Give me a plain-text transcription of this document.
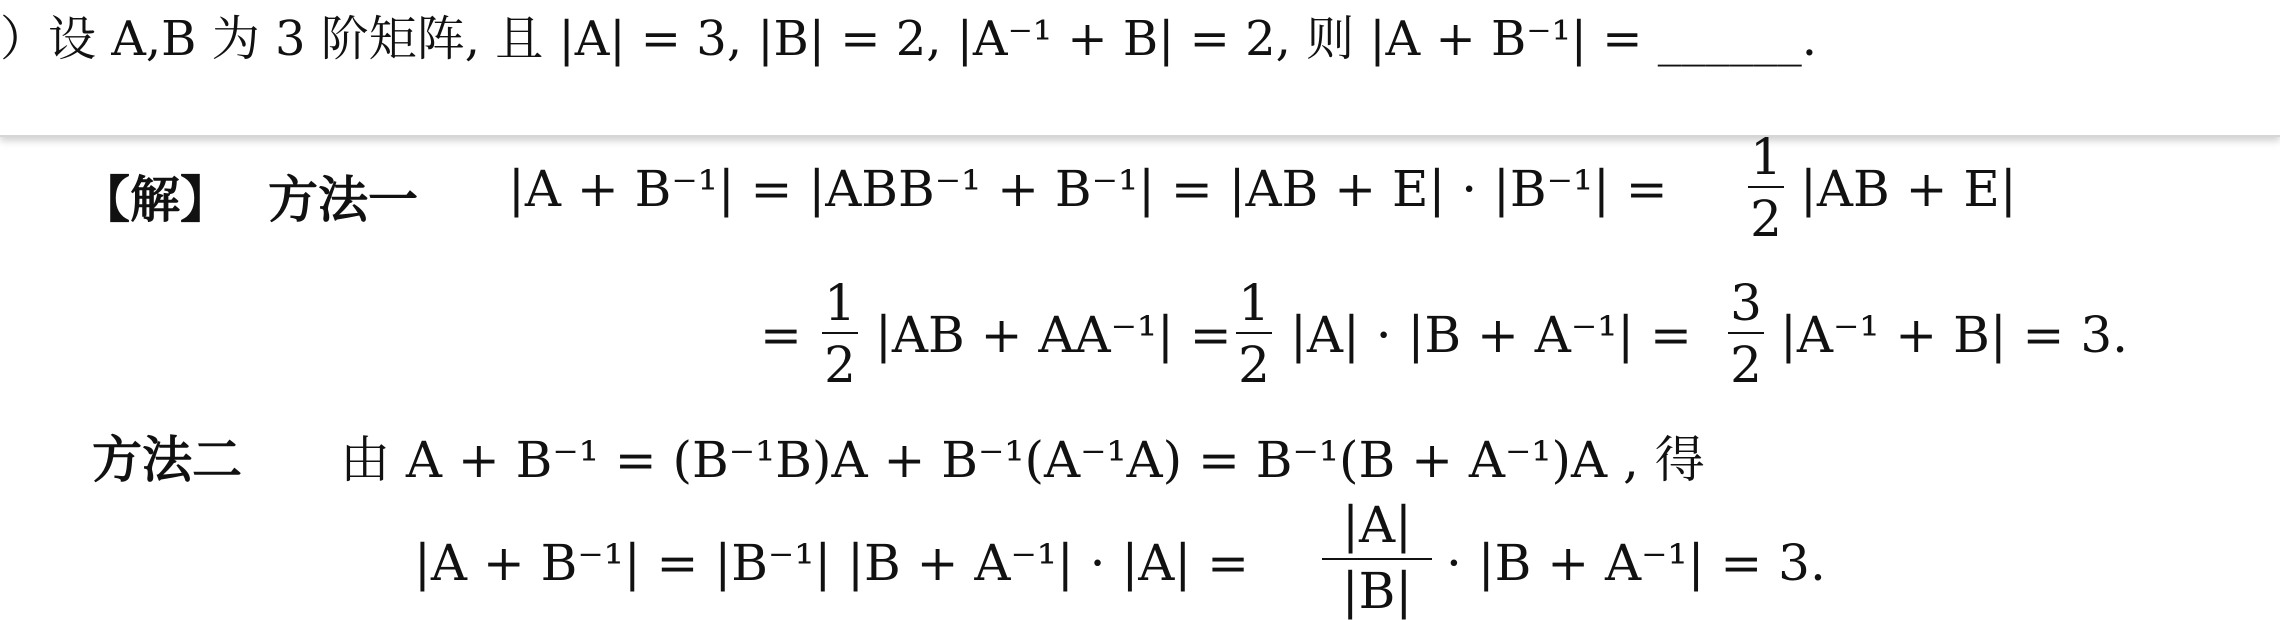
）设 A,B 为 3 阶矩阵, 且 |A| = 3, |B| = 2, |A⁻¹ + B| = 2, 则 |A + B⁻¹| = ______.
【解】 方法一 |A + B⁻¹| = |ABB⁻¹ + B⁻¹| = |AB + E| · |B⁻¹| =
1
2
|AB + E|
=
1
2
|AB + AA⁻¹| =
1
2
|A| · |B + A⁻¹| =
3
2
|A⁻¹ + B| = 3.
方法二 由 A + B⁻¹ = (B⁻¹B)A + B⁻¹(A⁻¹A) = B⁻¹(B + A⁻¹)A , 得
|A + B⁻¹| = |B⁻¹| |B + A⁻¹| · |A| =
|A|
|B| · |B + A⁻¹| = 3.
